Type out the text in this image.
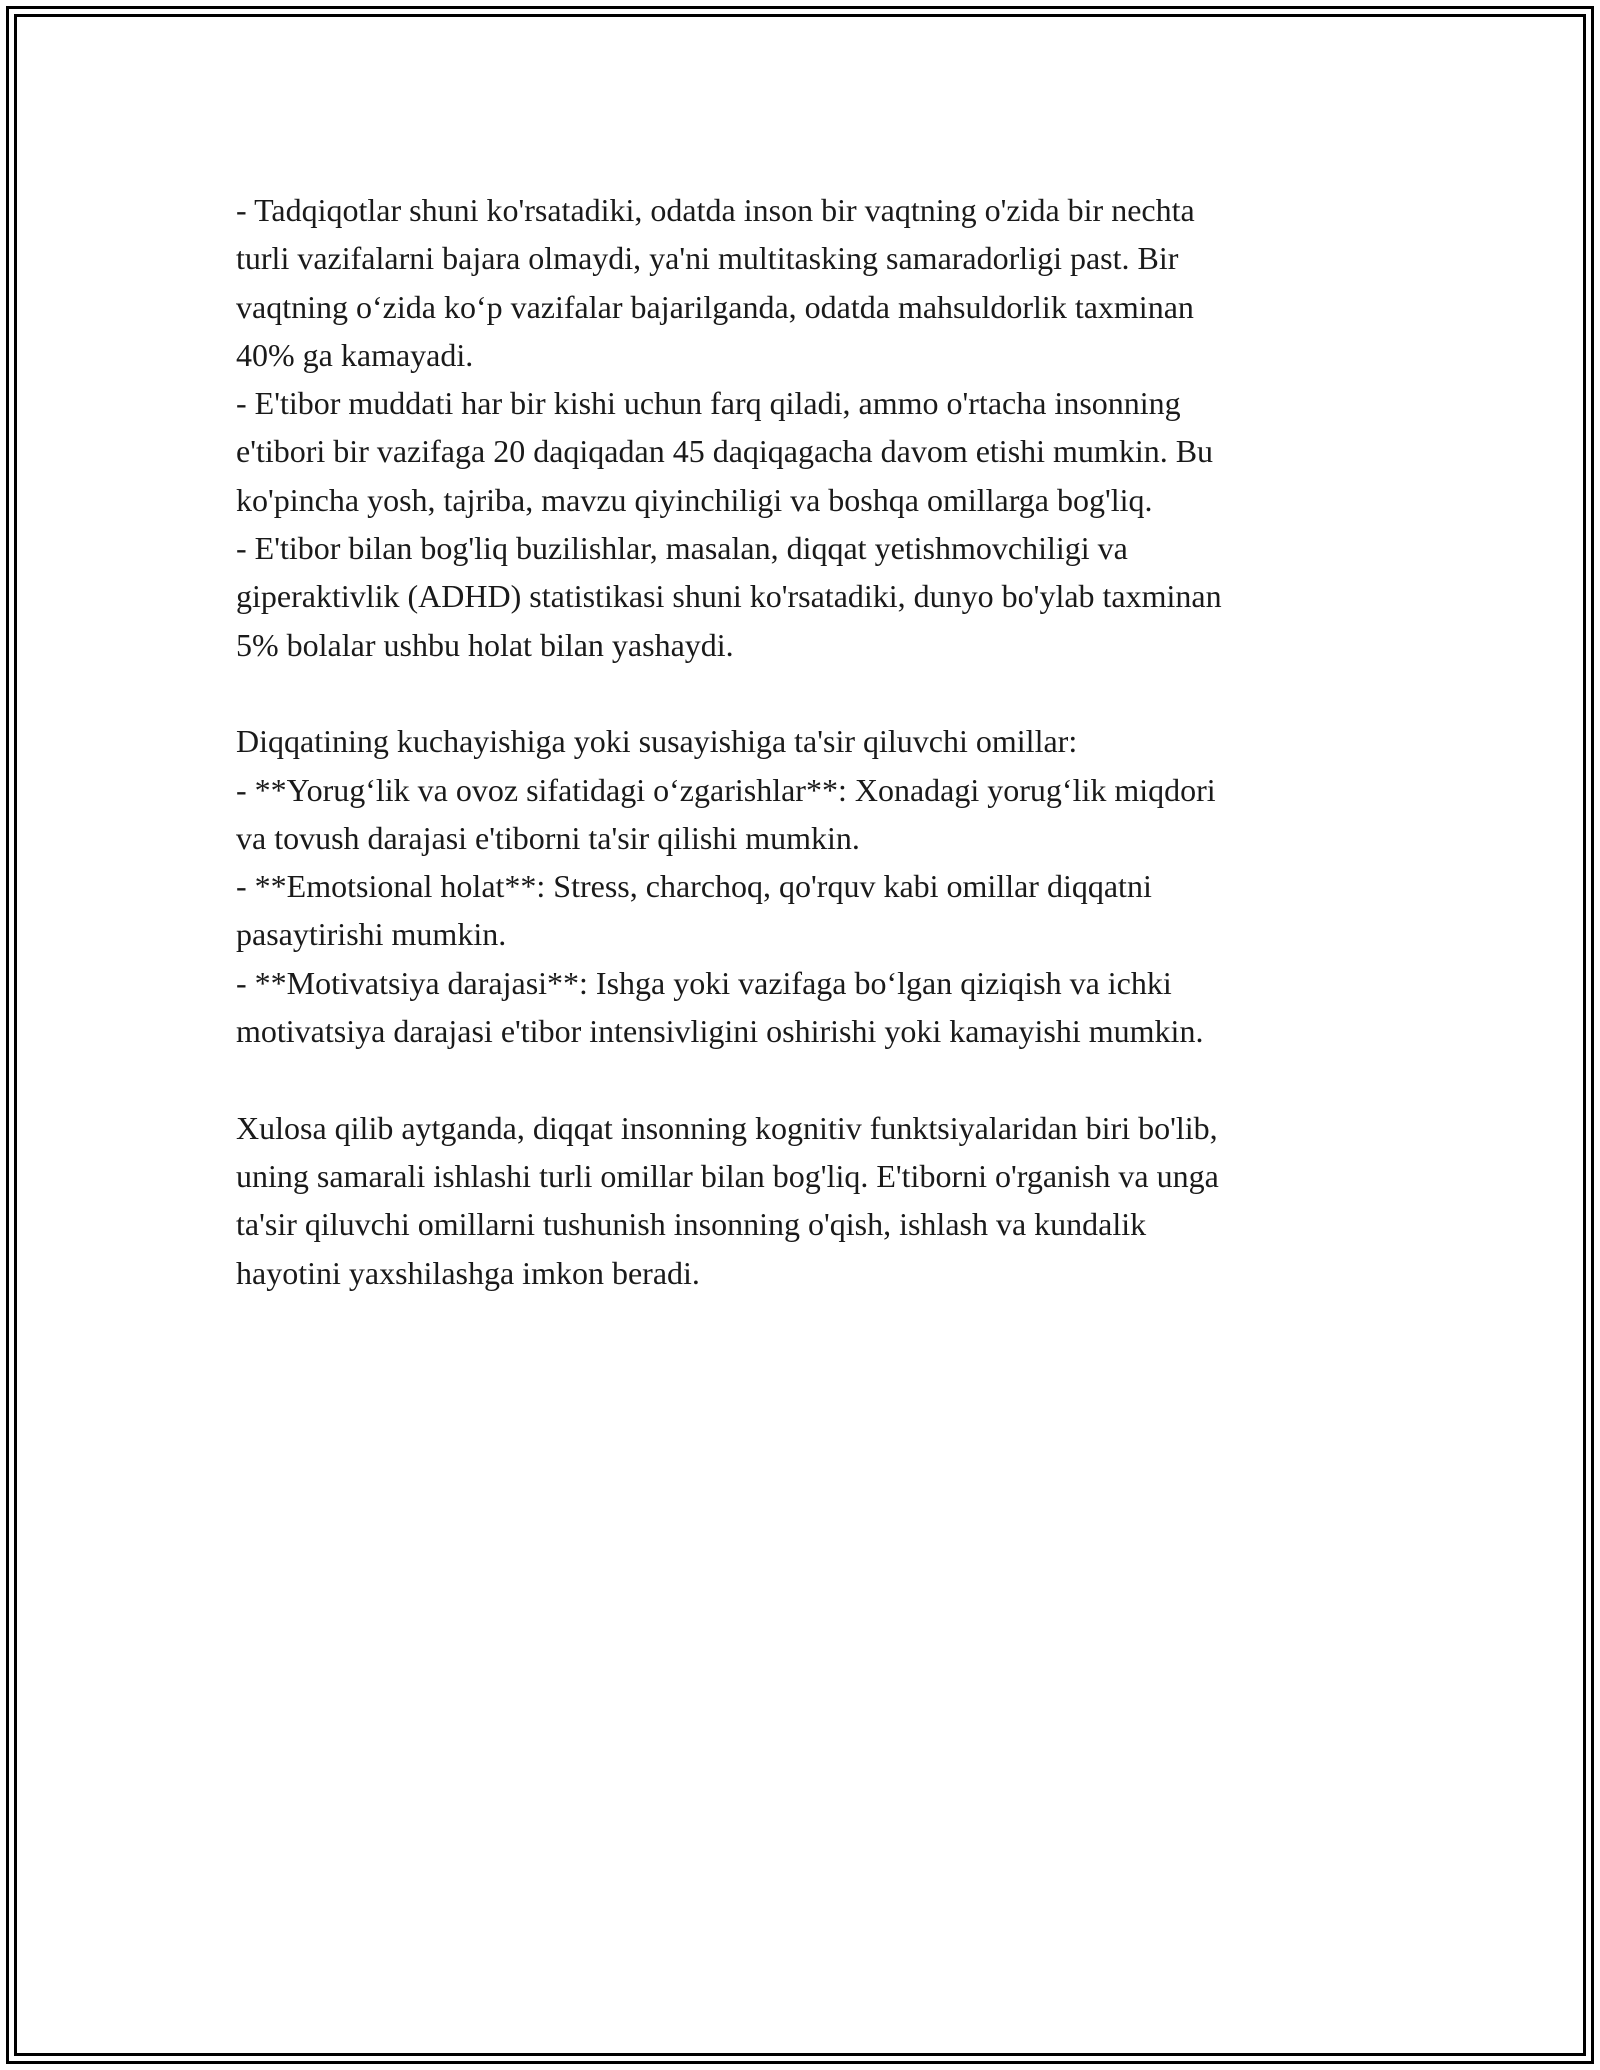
- Tadqiqotlar shuni ko'rsatadiki, odatda inson bir vaqtning o'zida bir nechta
turli vazifalarni bajara olmaydi, ya'ni multitasking samaradorligi past. Bir
vaqtning o‘zida ko‘p vazifalar bajarilganda, odatda mahsuldorlik taxminan
40% ga kamayadi.
- E'tibor muddati har bir kishi uchun farq qiladi, ammo o'rtacha insonning
e'tibori bir vazifaga 20 daqiqadan 45 daqiqagacha davom etishi mumkin. Bu
ko'pincha yosh, tajriba, mavzu qiyinchiligi va boshqa omillarga bog'liq.
- E'tibor bilan bog'liq buzilishlar, masalan, diqqat yetishmovchiligi va
giperaktivlik (ADHD) statistikasi shuni ko'rsatadiki, dunyo bo'ylab taxminan
5% bolalar ushbu holat bilan yashaydi.
Diqqatining kuchayishiga yoki susayishiga ta'sir qiluvchi omillar:
- **Yorug‘lik va ovoz sifatidagi o‘zgarishlar**: Xonadagi yorug‘lik miqdori
va tovush darajasi e'tiborni ta'sir qilishi mumkin.
- **Emotsional holat**: Stress, charchoq, qo'rquv kabi omillar diqqatni
pasaytirishi mumkin.
- **Motivatsiya darajasi**: Ishga yoki vazifaga bo‘lgan qiziqish va ichki
motivatsiya darajasi e'tibor intensivligini oshirishi yoki kamayishi mumkin.
Xulosa qilib aytganda, diqqat insonning kognitiv funktsiyalaridan biri bo'lib,
uning samarali ishlashi turli omillar bilan bog'liq. E'tiborni o'rganish va unga
ta'sir qiluvchi omillarni tushunish insonning o'qish, ishlash va kundalik
hayotini yaxshilashga imkon beradi.
